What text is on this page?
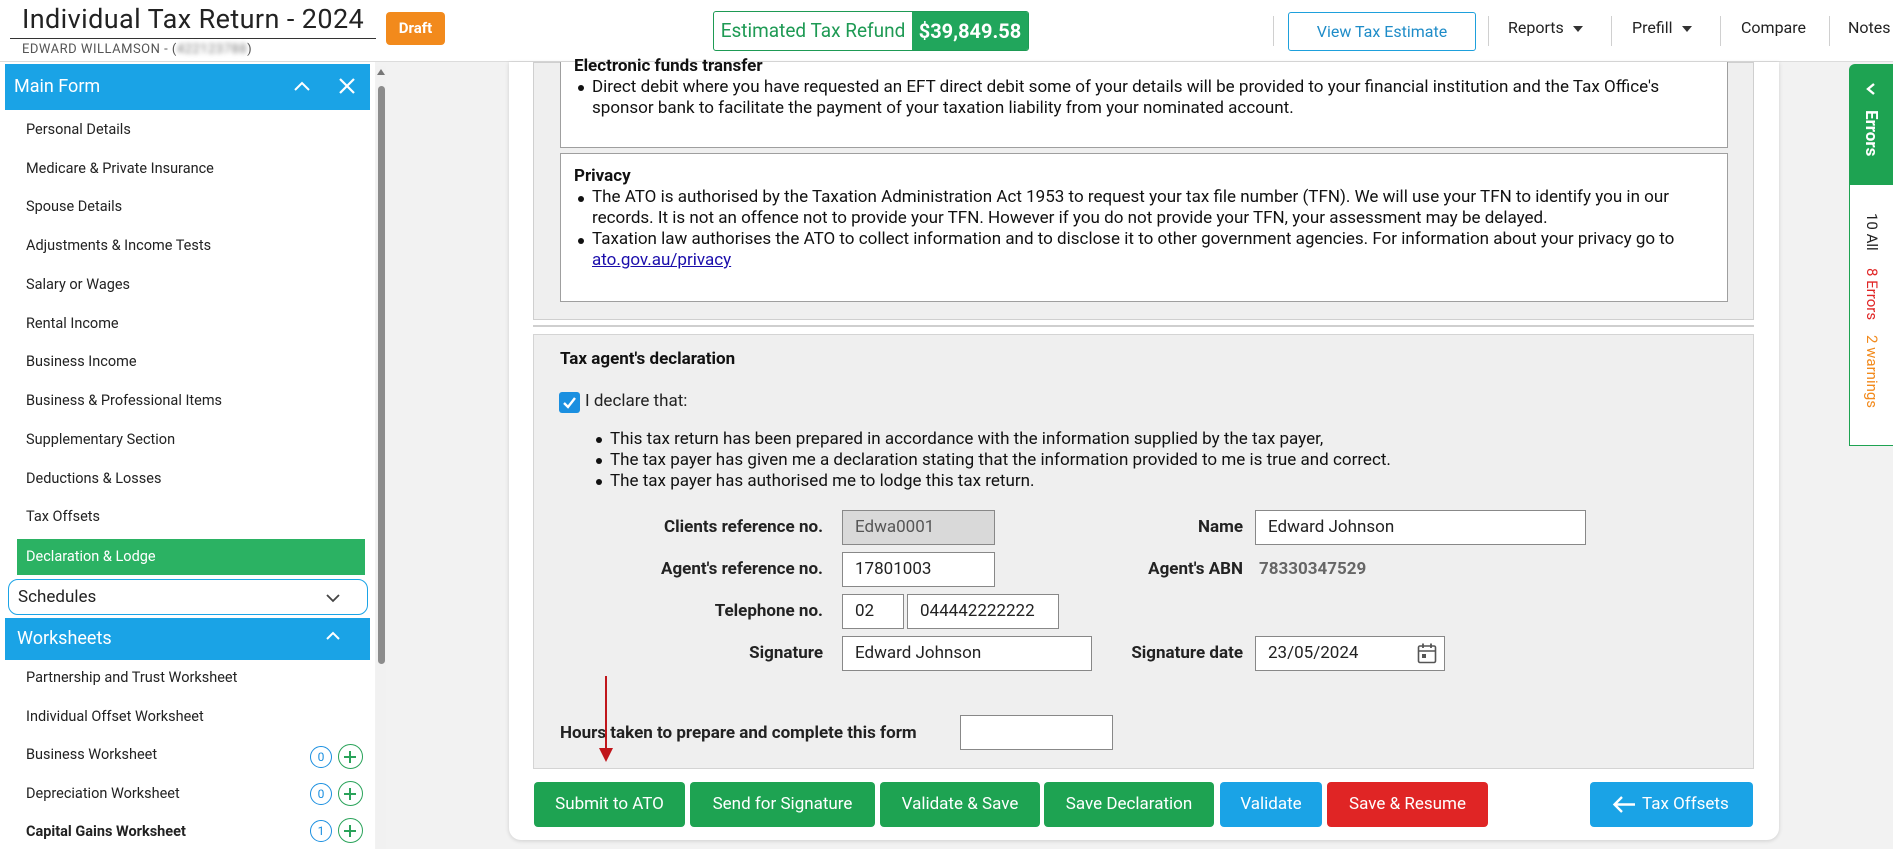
Individual Tax Return - 2024
EDWARD WILLAMSON - (422123788)
Draft	Estimated Tax Refund $39,849.58	View Tax Estimate	Reports	Prefill	Compare	Notes
Main Form
Personal Details
Medicare & Private Insurance
Spouse Details
Adjustments & Income Tests
Salary or Wages
Rental Income
Business Income
Business & Professional Items
Supplementary Section
Deductions & Losses
Tax Offsets
Declaration & Lodge
Schedules
Worksheets
Partnership and Trust Worksheet
Individual Offset Worksheet
Business Worksheet	0
Depreciation Worksheet	0
Capital Gains Worksheet	1
Electronic funds transfer
Direct debit where you have requested an EFT direct debit some of your details will be provided to your financial institution and the Tax Office's sponsor bank to facilitate the payment of your taxation liability from your nominated account.
Privacy
The ATO is authorised by the Taxation Administration Act 1953 to request your tax file number (TFN). We will use your TFN to identify you in our records. It is not an offence not to provide your TFN. However if you do not provide your TFN, your assessment may be delayed.
Taxation law authorises the ATO to collect information and to disclose it to other government agencies. For information about your privacy go to ato.gov.au/privacy
Tax agent's declaration
I declare that:
This tax return has been prepared in accordance with the information supplied by the tax payer,
The tax payer has given me a declaration stating that the information provided to me is true and correct.
The tax payer has authorised me to lodge this tax return.
Clients reference no.	Edwa0001
Agent's reference no.	17801003
Telephone no.	02	044442222222
Signature	Edward Johnson
Name	Edward Johnson
Agent's ABN 78330347529
Signature date	23/05/2024
Hours taken to prepare and complete this form
Submit to ATO	Send for Signature	Validate & Save	Save Declaration	Validate	Save & Resume	Tax Offsets
Errors
10 All
8 Errors
2 warnings
